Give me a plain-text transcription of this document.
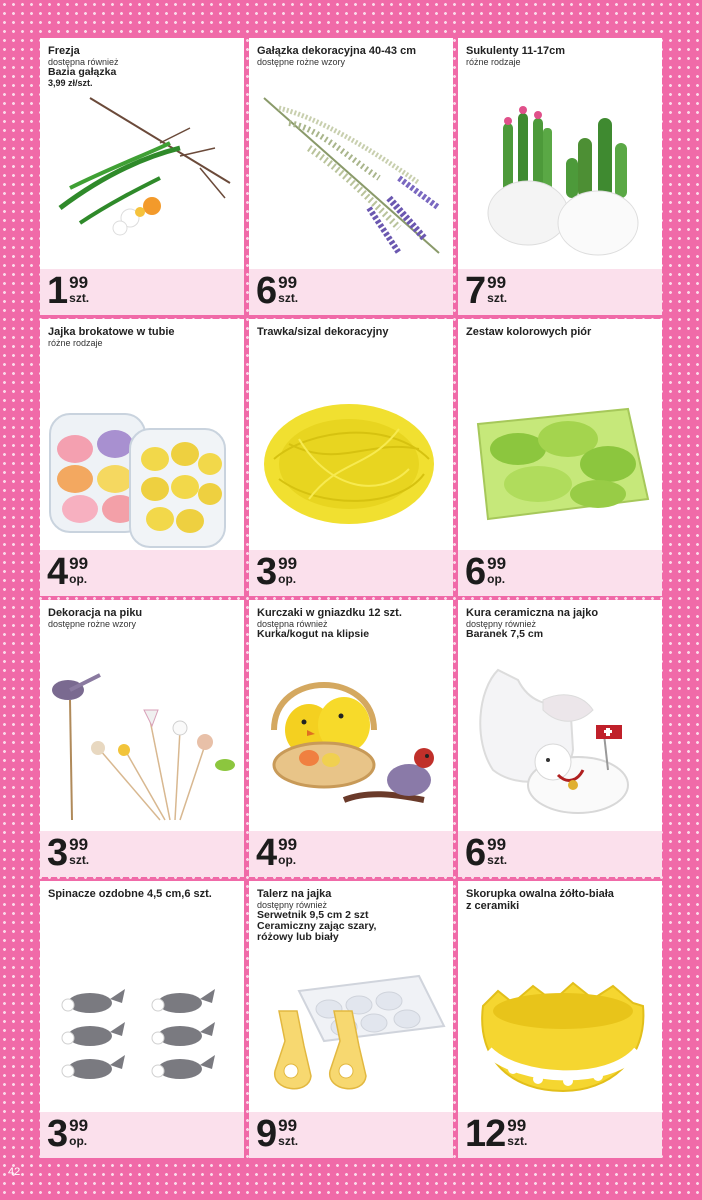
Frezja
dostępna również
Bazia gałązka
3,99 zł/szt.
1 99
szt.
Gałązka dekoracyjna 40-43 cm
dostępne rożne wzory
6 99
szt.
Sukulenty 11-17cm
różne rodzaje
7 99
szt.
Jajka brokatowe w tubie
różne rodzaje
4 99
op.
Trawka/sizal dekoracyjny
3 99
op.
Zestaw kolorowych piór
6 99
op.
Dekoracja na piku
dostępne rożne wzory
3 99
szt.
Kurczaki w gniazdku 12 szt.
dostępna również
Kurka/kogut na klipsie
4 99
op.
Kura ceramiczna na jajko
dostępny również
Baranek 7,5 cm
6 99
szt.
Spinacze ozdobne 4,5 cm,6 szt.
3 99
op.
Talerz na jajka
dostępny również
Serwetnik 9,5 cm 2 szt
Ceramiczny zając szary,
różowy lub biały
9 99
szt.
Skorupka owalna żółto-biała
z ceramiki
12 99
szt.
42
